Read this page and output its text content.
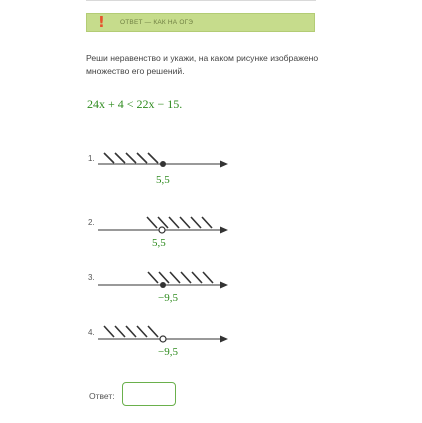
! ОТВЕТ — КАК НА ОГЭ
Реши неравенство и укажи, на каком рисунке изображено множество его решений.
24x + 4 < 22x − 15.
1.
5,5
2.
5,5
3.
−9,5
4.
−9,5
Ответ:
